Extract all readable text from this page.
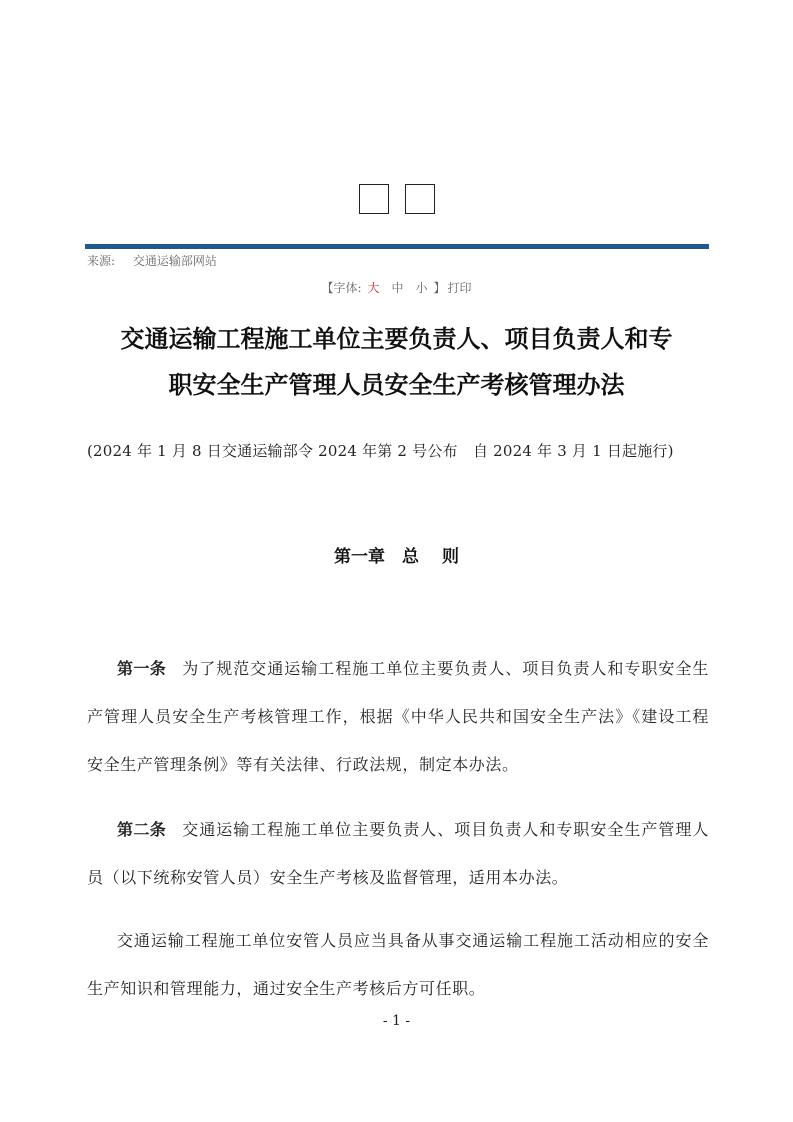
来源: 交通运输部网站
【字体: 大 中 小 】 打印
交通运输工程施工单位主要负责人、项目负责人和专
职安全生产管理人员安全生产考核管理办法
(2024 年 1 月 8 日交通运输部令 2024 年第 2 号公布　自 2024 年 3 月 1 日起施行)
第一章　总　 则
第一条 为了规范交通运输工程施工单位主要负责人、项目负责人和专职安全生产管理人员安全生产考核管理工作，根据《中华人民共和国安全生产法》《建设工程安全生产管理条例》等有关法律、行政法规，制定本办法。
第二条 交通运输工程施工单位主要负责人、项目负责人和专职安全生产管理人员（以下统称安管人员）安全生产考核及监督管理，适用本办法。
交通运输工程施工单位安管人员应当具备从事交通运输工程施工活动相应的安全生产知识和管理能力，通过安全生产考核后方可任职。
- 1 -
